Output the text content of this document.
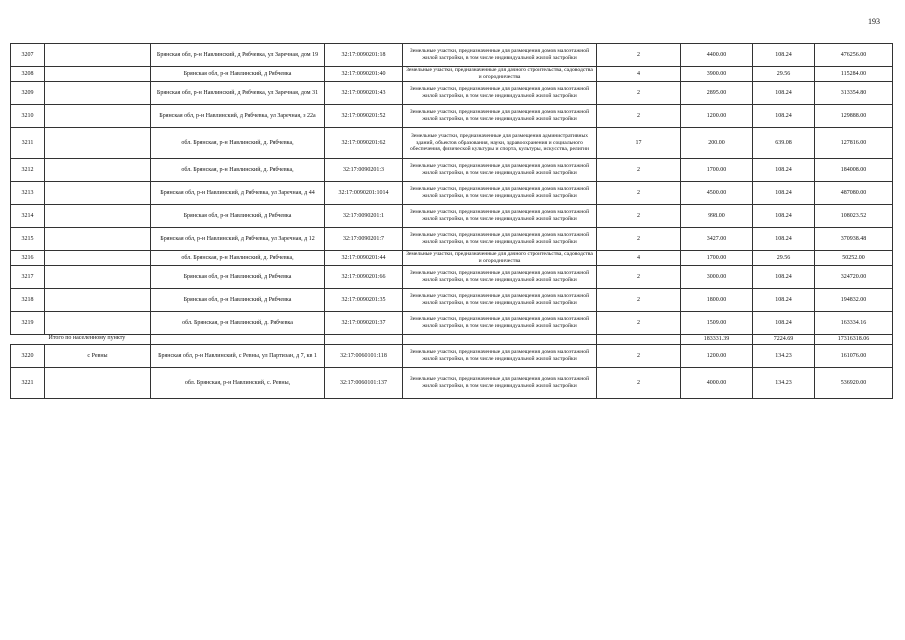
193
3207		Брянская обл, р-н Навлинский, д Рябчевка, ул Заречная, дом 19	32:17:0090201:18	Земельные участки, предназначенные для размещения домов малоэтажной жилой застройки, в том числе индивидуальной жилой застройки	2	4400.00	108.24	476256.00
3208		Брянская обл, р-н Навлинский, д Рябчевка	32:17:0090201:40	Земельные участки, предназначенные для дачного строительства, садоводства и огородничества	4	3900.00	29.56	115284.00
3209		Брянская обл, р-н Навлинский, д Рябчевка, ул Заречная, дом 31	32:17:0090201:43	Земельные участки, предназначенные для размещения домов малоэтажной жилой застройки, в том числе индивидуальной жилой застройки	2	2895.00	108.24	313354.80
3210		Брянская обл, р-н Навлинский, д Рябчевка, ул Заречная, з 22а	32:17:0090201:52	Земельные участки, предназначенные для размещения домов малоэтажной жилой застройки, в том числе индивидуальной жилой застройки	2	1200.00	108.24	129888.00
3211		обл. Брянская, р-н Навлинский, д. Рябчевка,	32:17:0090201:62	Земельные участки, предназначенные для размещения административных зданий, объектов образования, науки, здравоохранения и социального обеспечения, физической культуры и спорта, культуры, искусства, религии	17	200.00	639.08	127816.00
3212		обл. Брянская, р-н Навлинский, д. Рябчевка,	32:17:0090201:3	Земельные участки, предназначенные для размещения домов малоэтажной жилой застройки, в том числе индивидуальной жилой застройки	2	1700.00	108.24	184008.00
3213		Брянская обл, р-н Навлинский, д Рябчевка, ул Заречная, д 44	32:17:0090201:1014	Земельные участки, предназначенные для размещения домов малоэтажной жилой застройки, в том числе индивидуальной жилой застройки	2	4500.00	108.24	487080.00
3214		Брянская обл, р-н Навлинский, д Рябчевка	32:17:0090201:1	Земельные участки, предназначенные для размещения домов малоэтажной жилой застройки, в том числе индивидуальной жилой застройки	2	998.00	108.24	108023.52
3215		Брянская обл, р-н Навлинский, д Рябчевка, ул Заречная, д 12	32:17:0090201:7	Земельные участки, предназначенные для размещения домов малоэтажной жилой застройки, в том числе индивидуальной жилой застройки	2	3427.00	108.24	370938.48
3216		обл. Брянская, р-н Навлинский, д. Рябчевка,	32:17:0090201:44	Земельные участки, предназначенные для дачного строительства, садоводства и огородничества	4	1700.00	29.56	50252.00
3217		Брянская обл, р-н Навлинский, д Рябчевка	32:17:0090201:66	Земельные участки, предназначенные для размещения домов малоэтажной жилой застройки, в том числе индивидуальной жилой застройки	2	3000.00	108.24	324720.00
3218		Брянская обл, р-н Навлинский, д Рябчевка	32:17:0090201:35	Земельные участки, предназначенные для размещения домов малоэтажной жилой застройки, в том числе индивидуальной жилой застройки	2	1800.00	108.24	194832.00
3219		обл. Брянская, р-н Навлинский, д. Рябчевка	32:17:0090201:37	Земельные участки, предназначенные для размещения домов малоэтажной жилой застройки, в том числе индивидуальной жилой застройки	2	1509.00	108.24	163334.16
Итого по населенному пункту						183331.39	7224.69	17316318.06
3220	с Ревны	Брянская обл, р-н Навлинский, с Ревны, ул Партизан, д 7, кв 1	32:17:0060101:118	Земельные участки, предназначенные для размещения домов малоэтажной жилой застройки, в том числе индивидуальной жилой застройки	2	1200.00	134.23	161076.00
3221		обл. Брянская, р-н Навлинский, с. Ревны,	32:17:0060101:137	Земельные участки, предназначенные для размещения домов малоэтажной жилой застройки, в том числе индивидуальной жилой застройки	2	4000.00	134.23	536920.00
